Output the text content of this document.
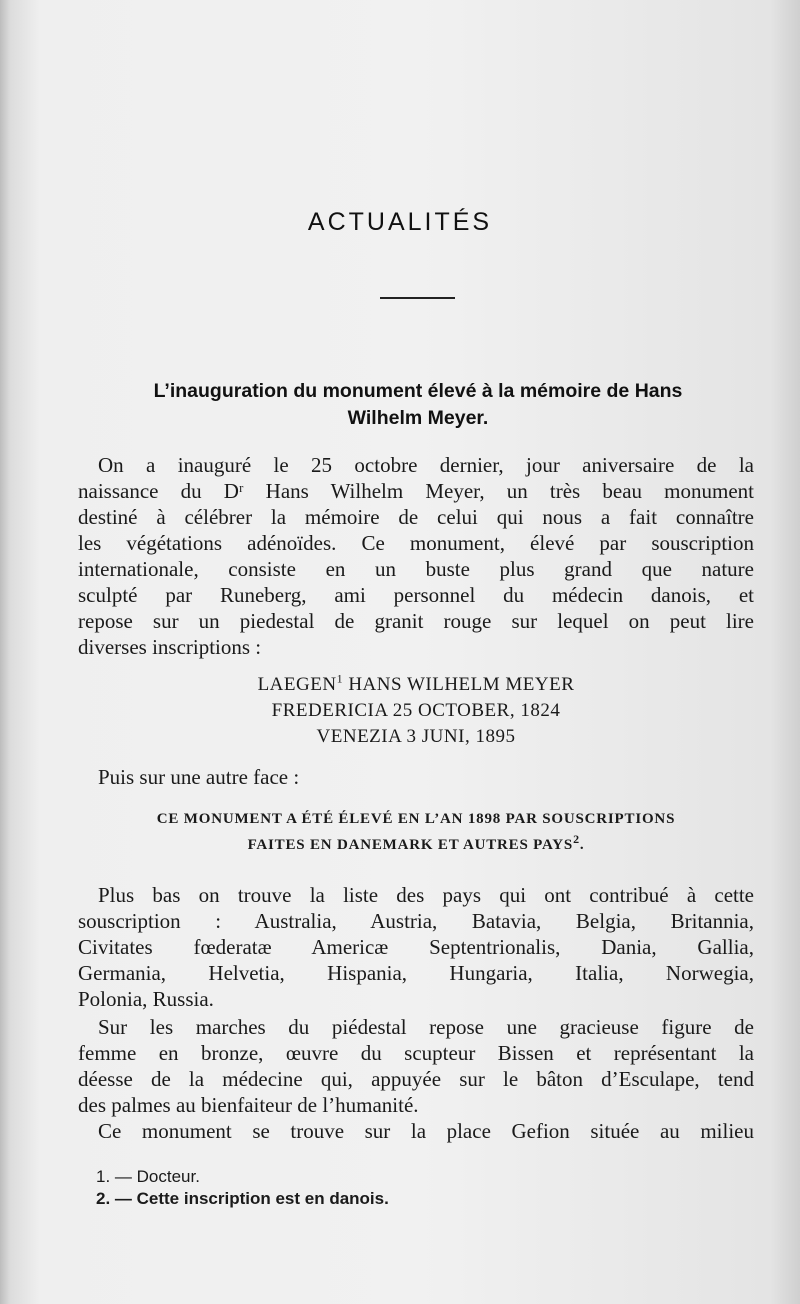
ACTUALITÉS
L’inauguration du monument élevé à la mémoire de Hans
Wilhelm Meyer.
On a inauguré le 25 octobre dernier, jour aniversaire de la
naissance du Dʳ Hans Wilhelm Meyer, un très beau monument
destiné à célébrer la mémoire de celui qui nous a fait connaître
les végétations adénoïdes. Ce monument, élevé par souscription
internationale, consiste en un buste plus grand que nature
sculpté par Runeberg, ami personnel du médecin danois, et
repose sur un piedestal de granit rouge sur lequel on peut lire
diverses inscriptions :
LAEGEN$^1$ HANS WILHELM MEYER
FREDERICIA 25 OCTOBER, 1824
VENEZIA 3 JUNI, 1895
Puis sur une autre face :
CE MONUMENT A ÉTÉ ÉLEVÉ EN L’AN 1898 PAR SOUSCRIPTIONS
FAITES EN DANEMARK ET AUTRES PAYS$^2$.
Plus bas on trouve la liste des pays qui ont contribué à cette
souscription : Australia, Austria, Batavia, Belgia, Britannia,
Civitates fœderatæ Americæ Septentrionalis, Dania, Gallia,
Germania, Helvetia, Hispania, Hungaria, Italia, Norwegia,
Polonia, Russia.
Sur les marches du piédestal repose une gracieuse figure de
femme en bronze, œuvre du scupteur Bissen et représentant la
déesse de la médecine qui, appuyée sur le bâton d’Esculape, tend
des palmes au bienfaiteur de l’humanité.
Ce monument se trouve sur la place Gefion située au milieu
1. — Docteur.
2. — Cette inscription est en danois.
